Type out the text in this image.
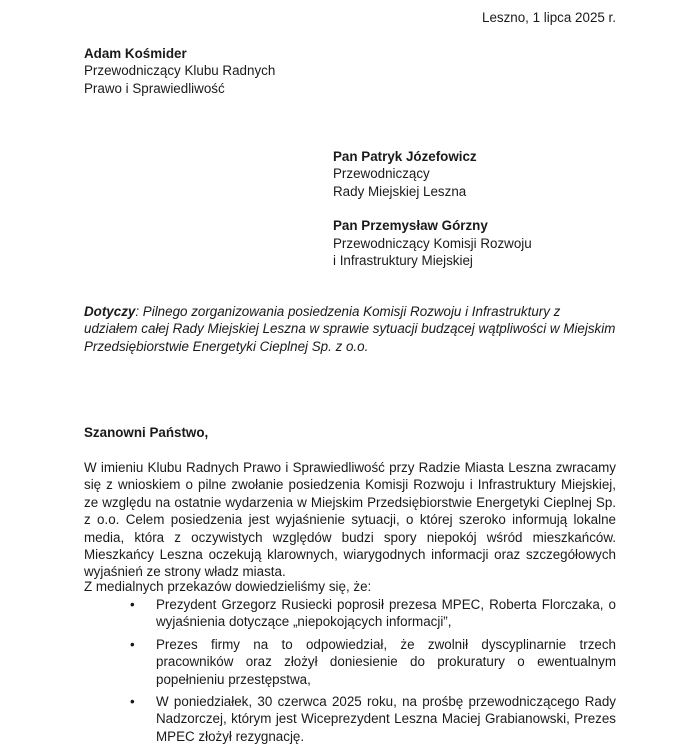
Leszno, 1 lipca 2025 r.
Adam Kośmider
Przewodniczący Klubu Radnych
Prawo i Sprawiedliwość
Pan Patryk Józefowicz
Przewodniczący
Rady Miejskiej Leszna
Pan Przemysław Górzny
Przewodniczący Komisji Rozwoju
i Infrastruktury Miejskiej
Dotyczy: Pilnego zorganizowania posiedzenia Komisji Rozwoju i Infrastruktury z udziałem całej Rady Miejskiej Leszna w sprawie sytuacji budzącej wątpliwości w Miejskim Przedsiębiorstwie Energetyki Cieplnej Sp. z o.o.
Szanowni Państwo,
W imieniu Klubu Radnych Prawo i Sprawiedliwość przy Radzie Miasta Leszna zwracamy się z wnioskiem o pilne zwołanie posiedzenia Komisji Rozwoju i Infrastruktury Miejskiej, ze względu na ostatnie wydarzenia w Miejskim Przedsiębiorstwie Energetyki Cieplnej Sp. z o.o. Celem posiedzenia jest wyjaśnienie sytuacji, o której szeroko informują lokalne media, która z oczywistych względów budzi spory niepokój wśród mieszkańców. Mieszkańcy Leszna oczekują klarownych, wiarygodnych informacji oraz szczegółowych wyjaśnień ze strony władz miasta.
Z medialnych przekazów dowiedzieliśmy się, że:
• Prezydent Grzegorz Rusiecki poprosił prezesa MPEC, Roberta Florczaka, o wyjaśnienia dotyczące „niepokojących informacji”,
• Prezes firmy na to odpowiedział, że zwolnił dyscyplinarnie trzech pracowników oraz złożył doniesienie do prokuratury o ewentualnym popełnieniu przestępstwa,
• W poniedziałek, 30 czerwca 2025 roku, na prośbę przewodniczącego Rady Nadzorczej, którym jest Wiceprezydent Leszna Maciej Grabianowski, Prezes MPEC złożył rezygnację.
